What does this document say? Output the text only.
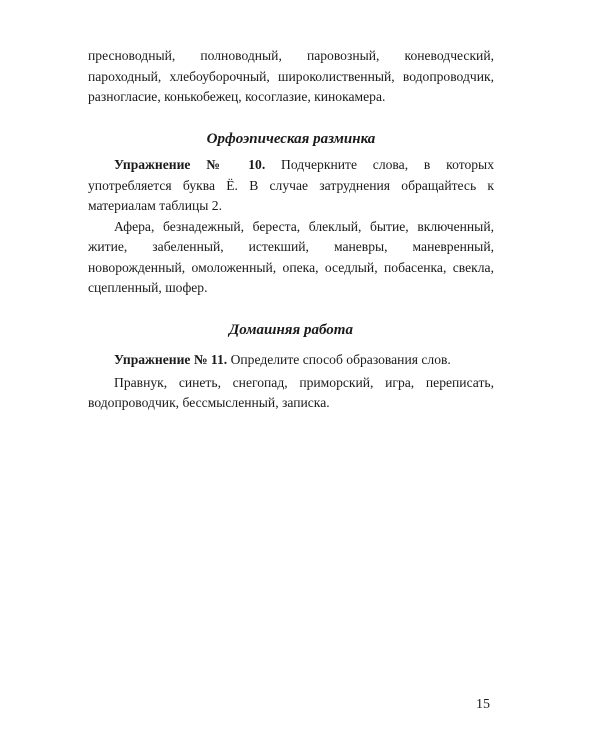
пресноводный, полноводный, паровозный, коневодческий, пароходный, хлебоуборочный, широколиственный, водопроводчик, разногласие, конькобежец, косоглазие, кинокамера.

Орфоэпическая разминка

Упражнение № 10. Подчеркните слова, в которых употребляется буква Ё. В случае затруднения обращайтесь к материалам таблицы 2.

Афера, безнадежный, береста, блеклый, бытие, включенный, житие, забеленный, истекший, маневры, маневренный, новорожденный, омоложенный, опека, оседлый, побасенка, свекла, сцепленный, шофер.

Домашняя работа

Упражнение № 11. Определите способ образования слов.

Правнук, синеть, снегопад, приморский, игра, переписать, водопроводчик, бессмысленный, записка.

15
